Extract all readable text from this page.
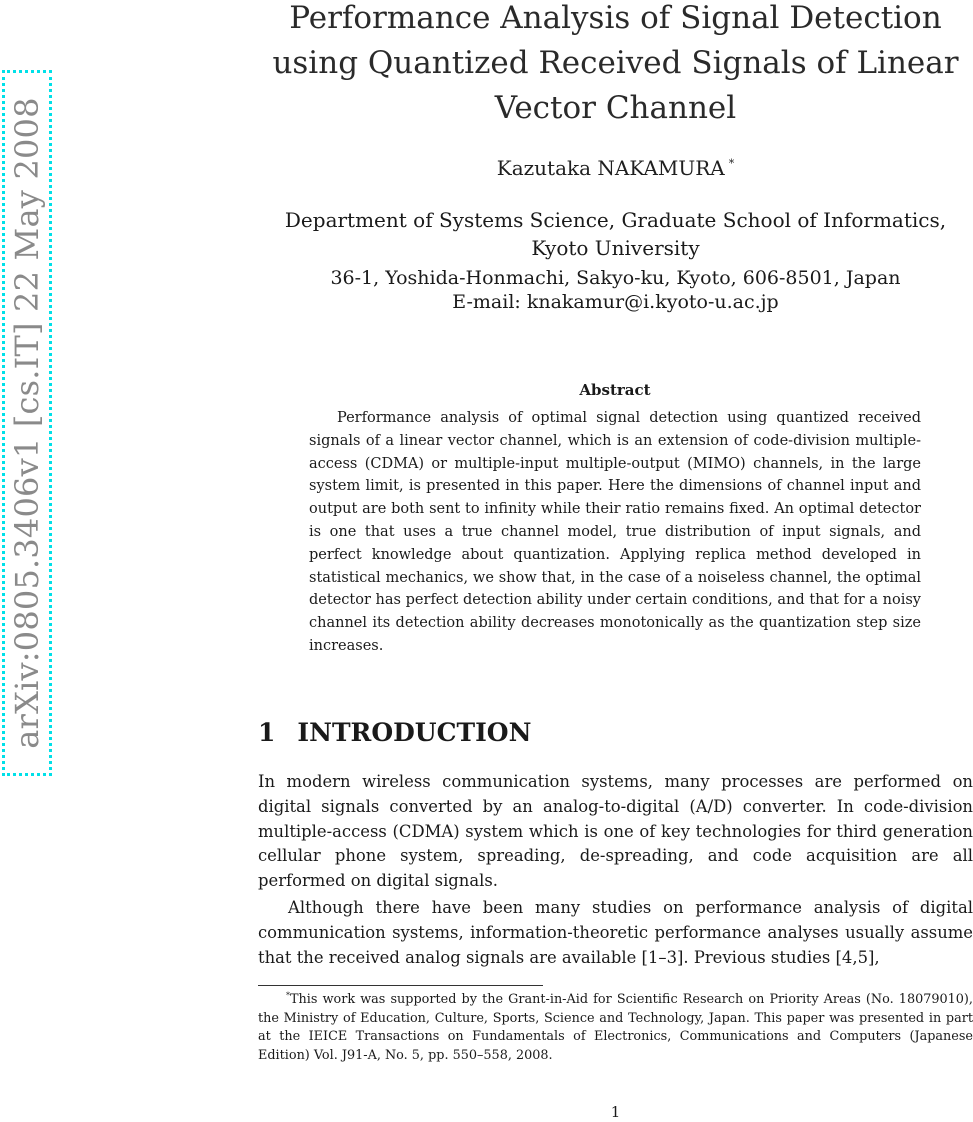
arXiv:0805.3406v1 [cs.IT] 22 May 2008
Performance Analysis of Signal Detection using Quantized Received Signals of Linear Vector Channel
Kazutaka NAKAMURA *
Department of Systems Science, Graduate School of Informatics, Kyoto University
36-1, Yoshida-Honmachi, Sakyo-ku, Kyoto, 606-8501, Japan
E-mail: knakamur@i.kyoto-u.ac.jp
Abstract
Performance analysis of optimal signal detection using quantized received signals of a linear vector channel, which is an extension of code-division multiple-access (CDMA) or multiple-input multiple-output (MIMO) channels, in the large system limit, is presented in this paper. Here the dimensions of channel input and output are both sent to infinity while their ratio remains fixed. An optimal detector is one that uses a true channel model, true distribution of input signals, and perfect knowledge about quantization. Applying replica method developed in statistical mechanics, we show that, in the case of a noiseless channel, the optimal detector has perfect detection ability under certain conditions, and that for a noisy channel its detection ability decreases monotonically as the quantization step size increases.
1 INTRODUCTION
In modern wireless communication systems, many processes are performed on digital signals converted by an analog-to-digital (A/D) converter. In code-division multiple-access (CDMA) system which is one of key technologies for third generation cellular phone system, spreading, de-spreading, and code acquisition are all performed on digital signals.
Although there have been many studies on performance analysis of digital communication systems, information-theoretic performance analyses usually assume that the received analog signals are available [1–3]. Previous studies [4,5],
*This work was supported by the Grant-in-Aid for Scientific Research on Priority Areas (No. 18079010), the Ministry of Education, Culture, Sports, Science and Technology, Japan. This paper was presented in part at the IEICE Transactions on Fundamentals of Electronics, Communications and Computers (Japanese Edition) Vol. J91-A, No. 5, pp. 550–558, 2008.
1
